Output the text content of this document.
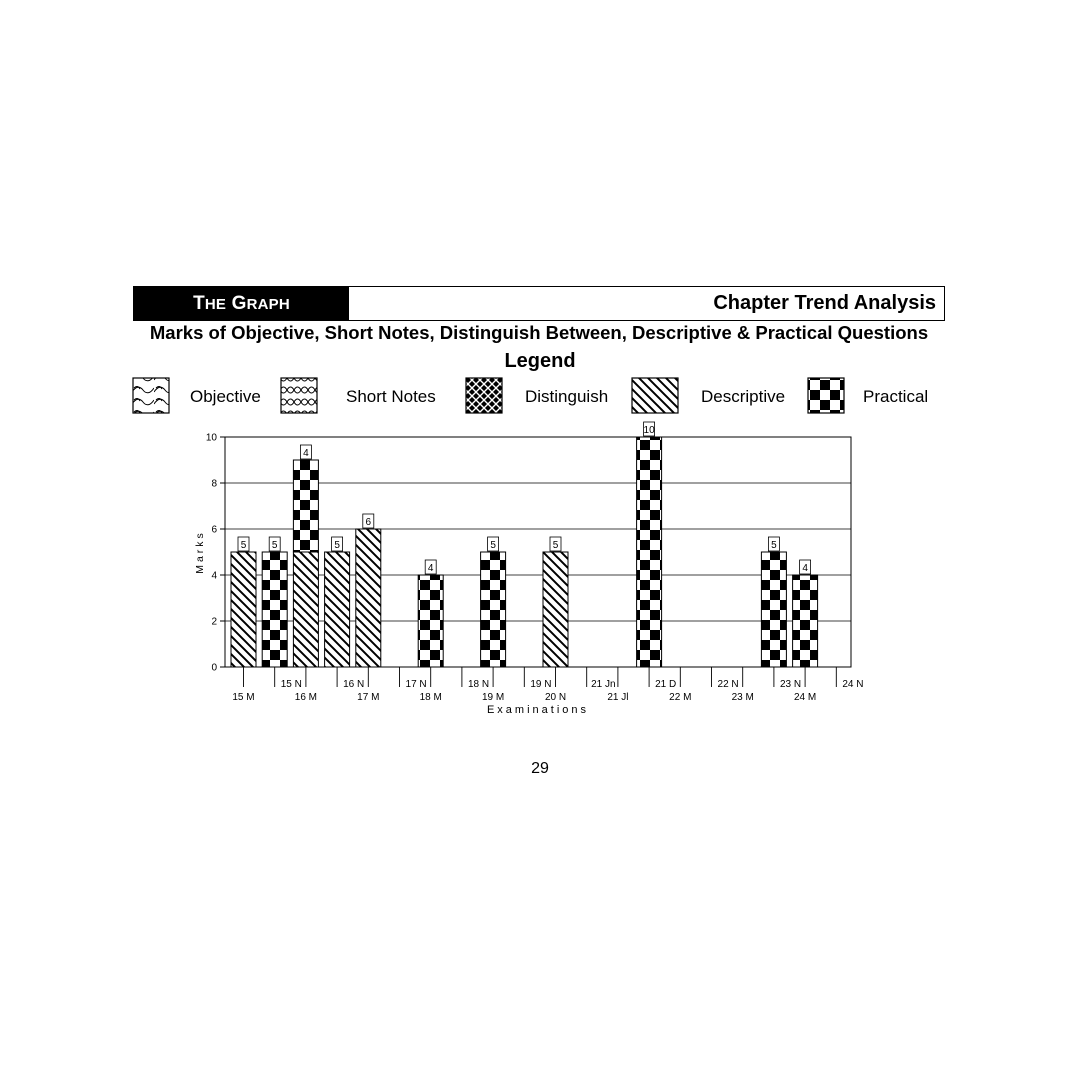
THE GRAPH	Chapter Trend Analysis
Marks of Objective, Short Notes, Distinguish Between, Descriptive & Practical Questions
Legend
Objective	Short Notes	Distinguish	Descriptive	Practical
5	5
4
5
6
4
5	5
10
5
4
0
2
4
6
8
10
Marks
15 M
15 N
16 M
16 N
17 M
17 N
18 M
18 N
19 M
19 N
20 N
21 Jn
21 Jl
21 D
22 M
22 N
23 M
23 N
24 M
24 N
Examinations
29
